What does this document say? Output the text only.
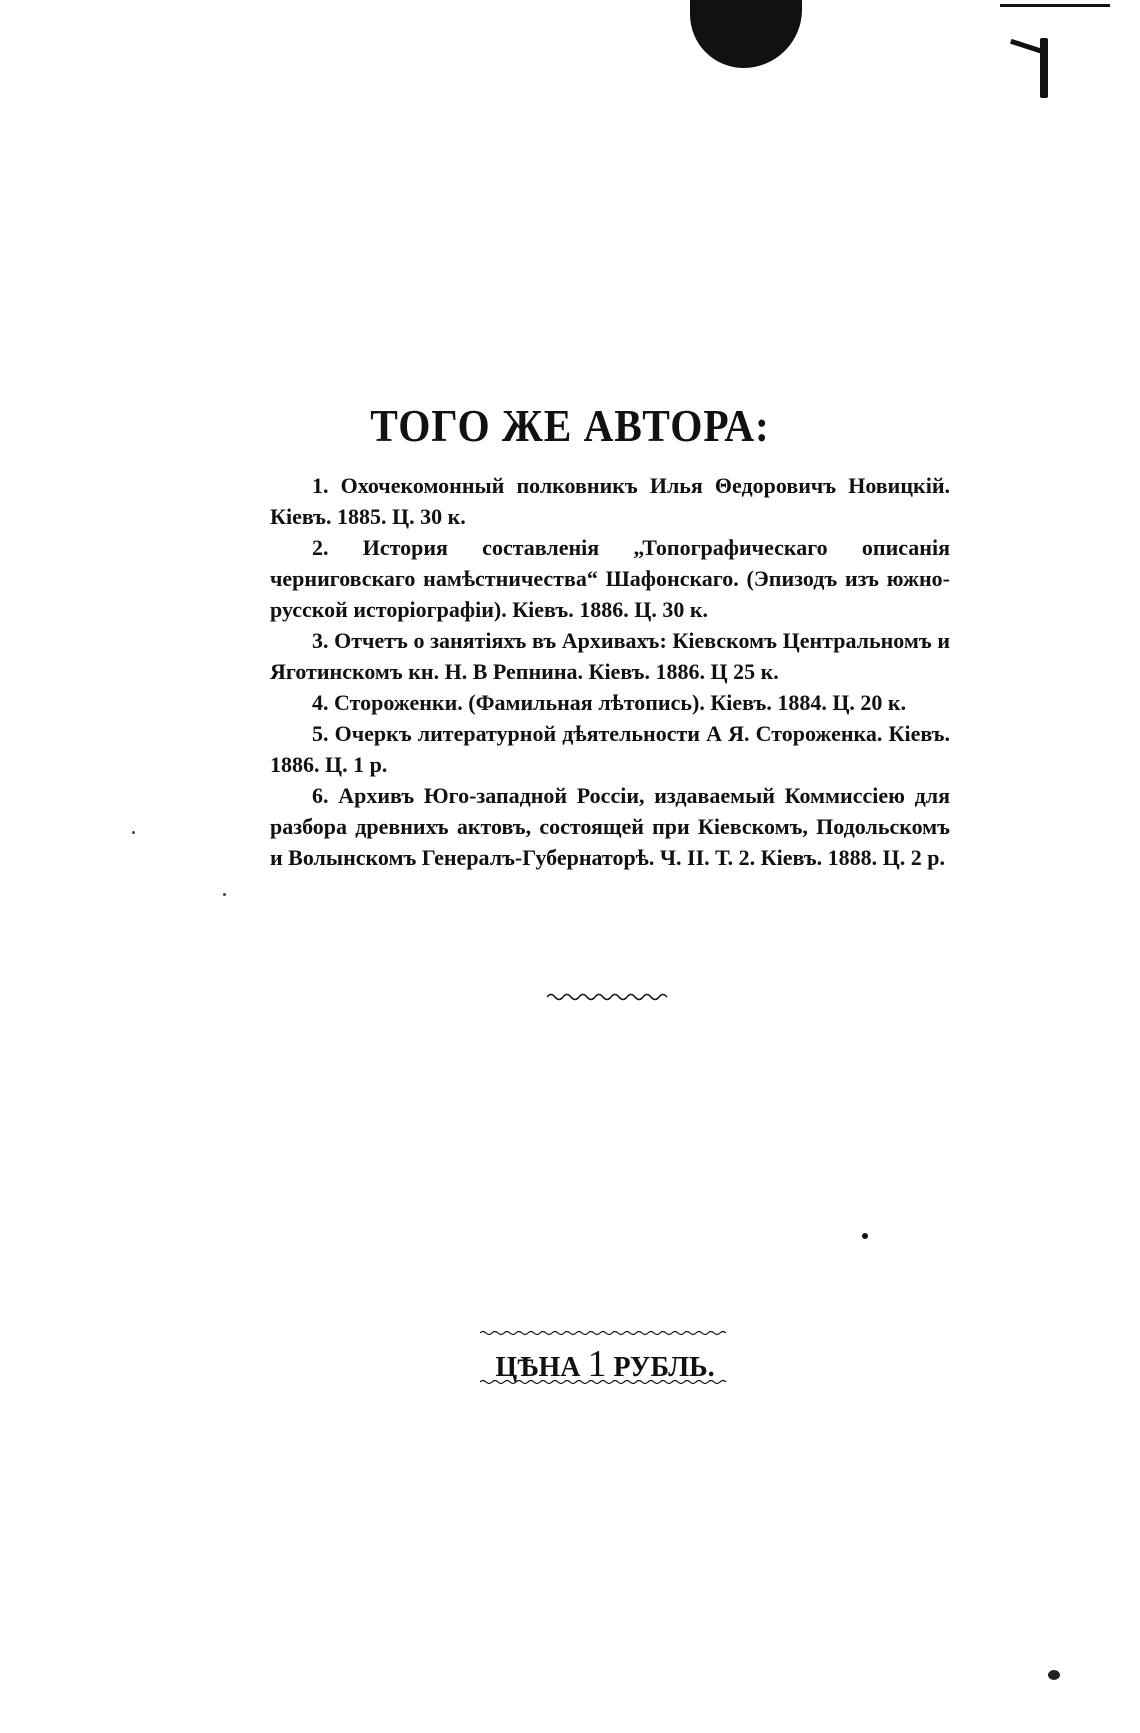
ТОГО ЖЕ АВТОРА:

1. Охочекомонный полковникъ Илья Θедоровичъ Новицкій. Кіевъ. 1885. Ц. 30 к.

2. История составленія „Топографическаго описанія черниговскаго намѣстничества“ Шафонскаго. (Эпизодъ изъ южно-русской исторіографіи). Кіевъ. 1886. Ц. 30 к.

3. Отчетъ о занятіяхъ въ Архивахъ: Кіевскомъ Центральномъ и Яготинскомъ кн. Н. В Репнина. Кіевъ. 1886. Ц 25 к.

4. Стороженки. (Фамильная лѣтопись). Кіевъ. 1884. Ц. 20 к.

5. Очеркъ литературной дѣятельности А Я. Стороженка. Кіевъ. 1886. Ц. 1 р.

6. Архивъ Юго-западной Россіи, издаваемый Коммиссіею для разбора древнихъ актовъ, состоящей при Кіевскомъ, Подольскомъ и Волынскомъ Генералъ-Губернаторѣ. Ч. II. Т. 2. Кіевъ. 1888. Ц. 2 р.

ЦѢНА 1 РУБЛЬ.
